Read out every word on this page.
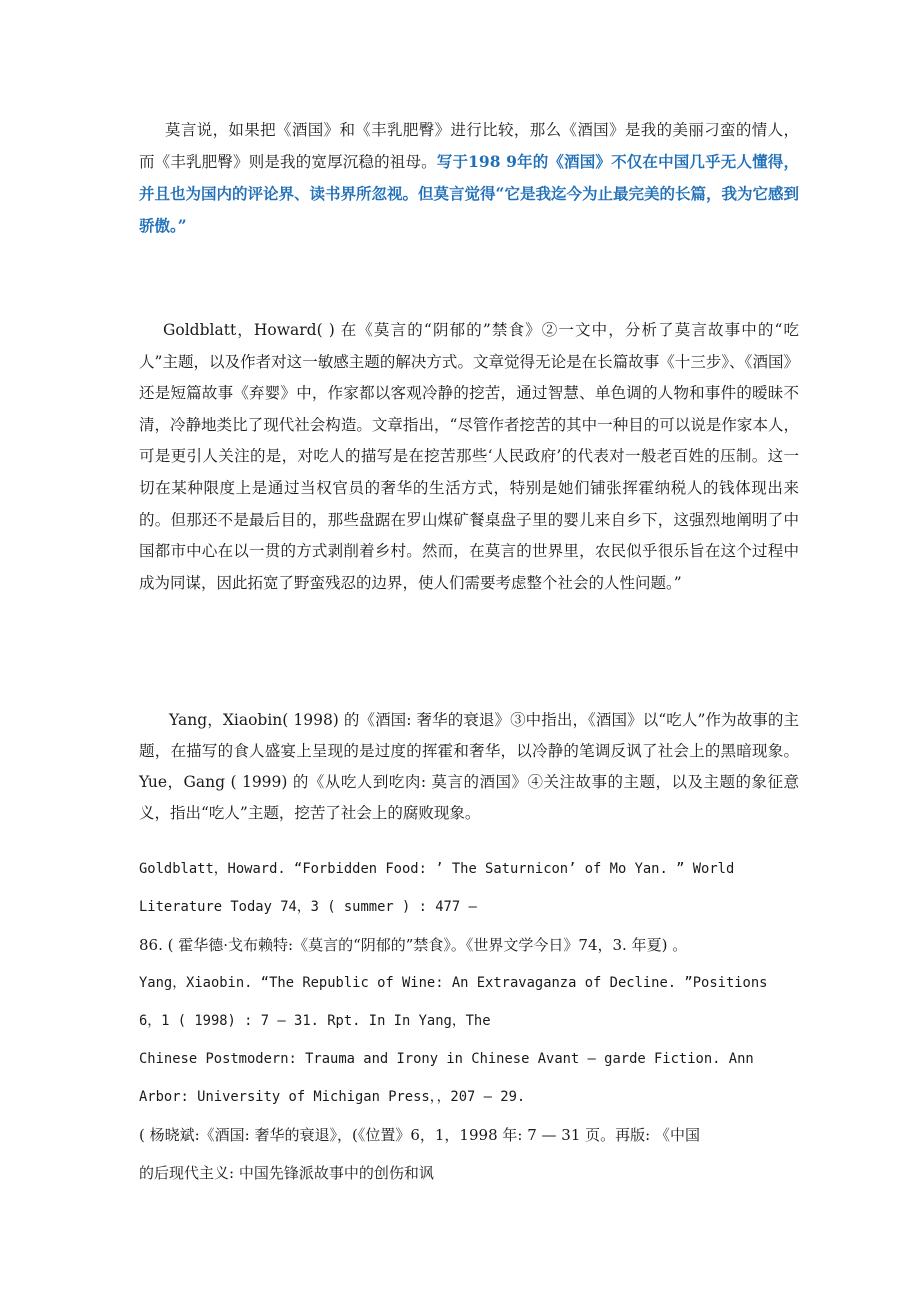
莫言说，如果把《酒国》和《丰乳肥臀》进行比较，那么《酒国》是我的美丽刁蛮的情人，而《丰乳肥臀》则是我的宽厚沉稳的祖母。写于198 9年的《酒国》不仅在中国几乎无人懂得，并且也为国内的评论界、读书界所忽视。但莫言觉得“它是我迄今为止最完美的长篇，我为它感到骄傲。”

Goldblatt，Howard( ) 在《莫言的“阴郁的”禁食》②一文中，分析了莫言故事中的“吃人”主题，以及作者对这一敏感主题的解决方式。文章觉得无论是在长篇故事《十三步》、《酒国》还是短篇故事《弃婴》中，作家都以客观冷静的挖苦，通过智慧、单色调的人物和事件的暧昧不清，冷静地类比了现代社会构造。文章指出，“尽管作者挖苦的其中一种目的可以说是作家本人，可是更引人关注的是，对吃人的描写是在挖苦那些‘人民政府’的代表对一般老百姓的压制。这一切在某种限度上是通过当权官员的奢华的生活方式，特别是她们铺张挥霍纳税人的钱体现出来的。但那还不是最后目的，那些盘踞在罗山煤矿餐桌盘子里的婴儿来自乡下，这强烈地阐明了中国都市中心在以一贯的方式剥削着乡村。然而，在莫言的世界里，农民似乎很乐旨在这个过程中成为同谋，因此拓宽了野蛮残忍的边界，使人们需要考虑整个社会的人性问题。”

Yang，Xiaobin( 1998) 的《酒国: 奢华的衰退》③中指出，《酒国》以“吃人”作为故事的主题，在描写的食人盛宴上呈现的是过度的挥霍和奢华，以冷静的笔调反讽了社会上的黑暗现象。Yue，Gang ( 1999) 的《从吃人到吃肉: 莫言的酒国》④关注故事的主题，以及主题的象征意义，指出“吃人”主题，挖苦了社会上的腐败现象。

Goldblatt，Howard. “Forbidden Food: ’ The Saturnicon’ of Mo Yan. ” World

Literature Today 74，3 ( summer ) : 477 —

86. ( 霍华德·戈布赖特:《莫言的“阴郁的”禁食》。《世界文学今日》74，3. 年夏) 。

Yang，Xiaobin. “The Republic of Wine: An Extravaganza of Decline. ”Positions

6，1 ( 1998) : 7 — 31. Rpt. In In Yang，The

Chinese Postmodern: Trauma and Irony in Chinese Avant — garde Fiction. Ann

Arbor: University of Michigan Press，，207 — 29.

( 杨晓斌:《酒国: 奢华的衰退》，(《位置》6，1，1998 年: 7 — 31 页。再版: 《中国

的后现代主义: 中国先锋派故事中的创伤和讽
